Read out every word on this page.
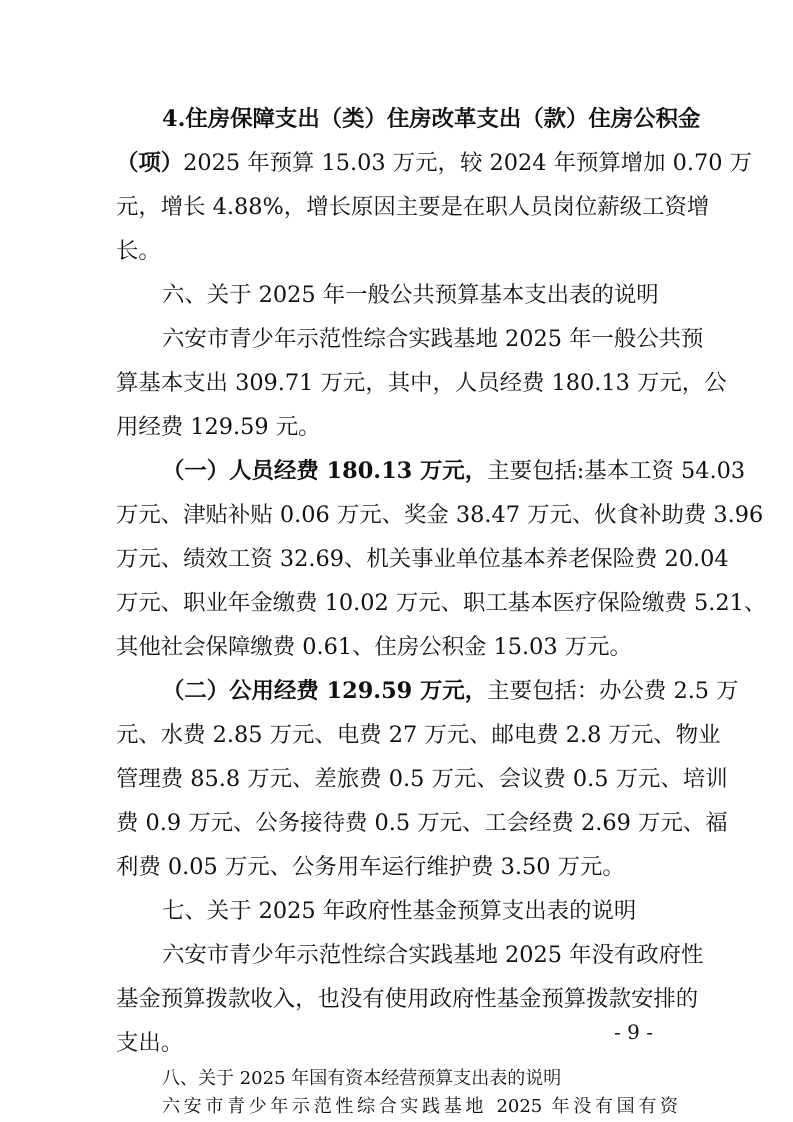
4.住房保障支出（类）住房改革支出（款）住房公积金
（项）2025 年预算 15.03 万元，较 2024 年预算增加 0.70 万
元，增长 4.88%，增长原因主要是在职人员岗位薪级工资增
长。
六、关于 2025 年一般公共预算基本支出表的说明
六安市青少年示范性综合实践基地 2025 年一般公共预
算基本支出 309.71 万元，其中，人员经费 180.13 万元，公
用经费 129.59 元。
（一）人员经费 180.13 万元，主要包括:基本工资 54.03
万元、津贴补贴 0.06 万元、奖金 38.47 万元、伙食补助费 3.96
万元、绩效工资 32.69、机关事业单位基本养老保险费 20.04
万元、职业年金缴费 10.02 万元、职工基本医疗保险缴费 5.21、
其他社会保障缴费 0.61、住房公积金 15.03 万元。
（二）公用经费 129.59 万元，主要包括：办公费 2.5 万
元、水费 2.85 万元、电费 27 万元、邮电费 2.8 万元、物业
管理费 85.8 万元、差旅费 0.5 万元、会议费 0.5 万元、培训
费 0.9 万元、公务接待费 0.5 万元、工会经费 2.69 万元、福
利费 0.05 万元、公务用车运行维护费 3.50 万元。
七、关于 2025 年政府性基金预算支出表的说明
六安市青少年示范性综合实践基地 2025 年没有政府性
基金预算拨款收入，也没有使用政府性基金预算拨款安排的
支出。
八、关于 2025 年国有资本经营预算支出表的说明
六安市青少年示范性综合实践基地 2025 年没有国有资
- 9 -
